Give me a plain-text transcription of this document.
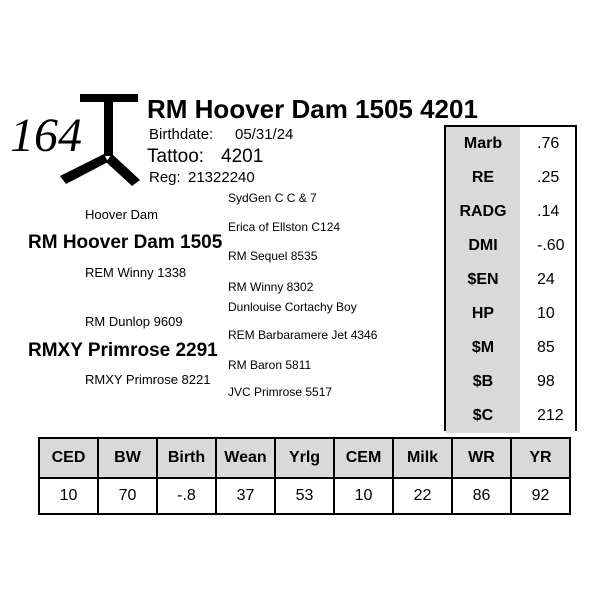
164	RM Hoover Dam 1505 4201
Birthdate: 05/31/24
Tattoo: 4201
Reg: 21322240
SydGen C C & 7
Hoover Dam
Erica of Ellston C124
RM Hoover Dam 1505
RM Sequel 8535
REM Winny 1338
RM Winny 8302
Dunlouise Cortachy Boy
RM Dunlop 9609
REM Barbaramere Jet 4346
RMXY Primrose 2291
RM Baron 5811
RMXY Primrose 8221
JVC Primrose 5517
Marb	.76
RE	.25
RADG	.14
DMI	-.60
$EN	24
HP	10
$M	85
$B	98
$C	212
CED	BW	Birth	Wean	Yrlg	CEM	Milk	WR	YR
10	70	-.8	37	53	10	22	86	92
